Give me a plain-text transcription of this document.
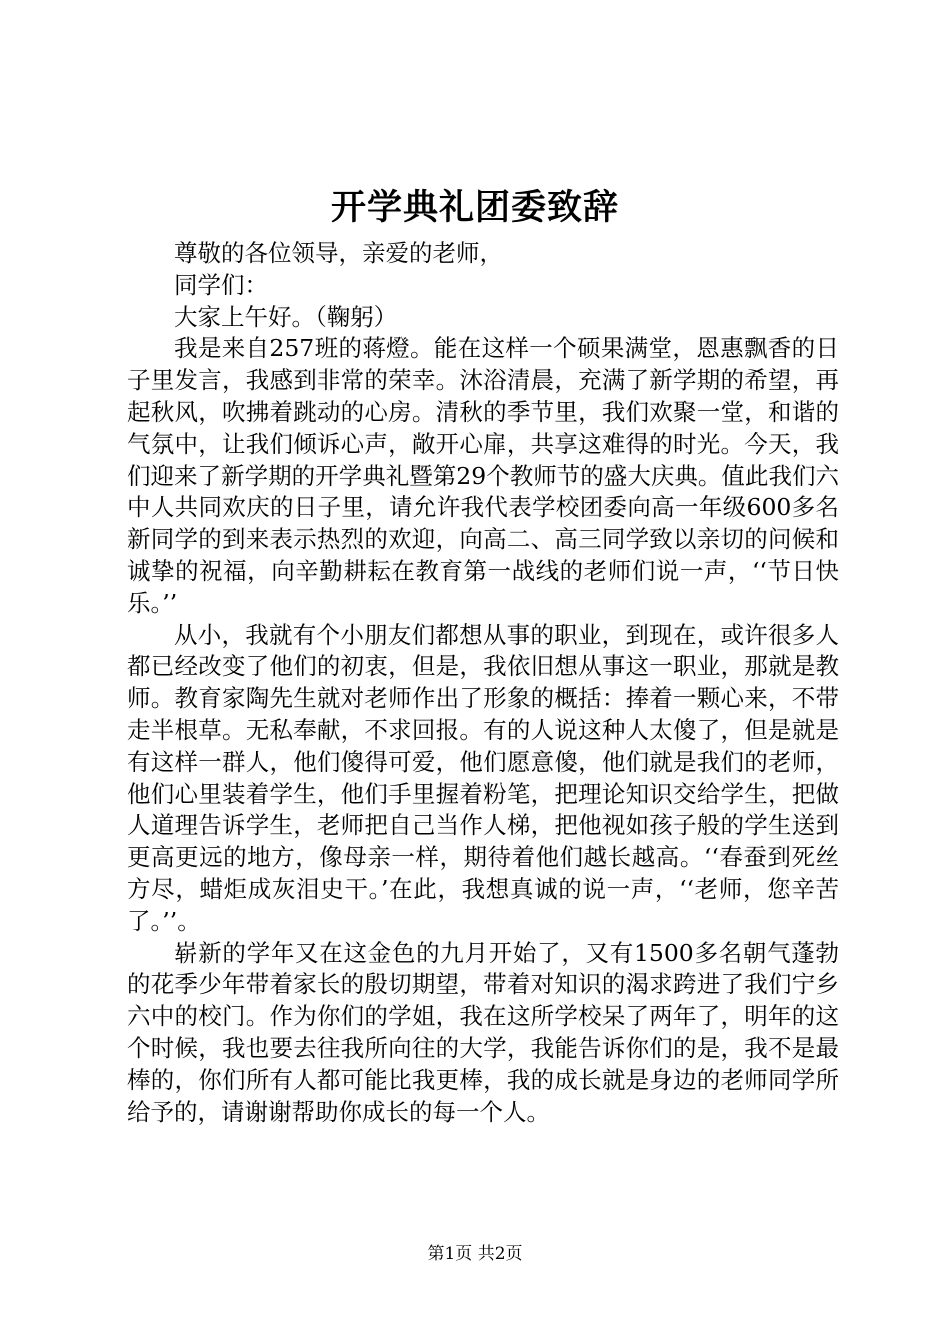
开学典礼团委致辞

尊敬的各位领导，亲爱的老师，

同学们：

大家上午好。（鞠躬）

我是来自257班的蒋燈。能在这样一个硕果满堂，恩惠飘香的日子里发言，我感到非常的荣幸。沐浴清晨，充满了新学期的希望，再起秋风，吹拂着跳动的心房。清秋的季节里，我们欢聚一堂，和谐的气氛中，让我们倾诉心声，敞开心扉，共享这难得的时光。今天，我们迎来了新学期的开学典礼暨第29个教师节的盛大庆典。值此我们六中人共同欢庆的日子里，请允许我代表学校团委向高一年级600多名新同学的到来表示热烈的欢迎，向高二、高三同学致以亲切的问候和诚挚的祝福，向辛勤耕耘在教育第一战线的老师们说一声，‘‘节日快乐。’’

从小，我就有个小朋友们都想从事的职业，到现在，或许很多人都已经改变了他们的初衷，但是，我依旧想从事这一职业，那就是教师。教育家陶先生就对老师作出了形象的概括：捧着一颗心来，不带走半根草。无私奉献，不求回报。有的人说这种人太傻了，但是就是有这样一群人，他们傻得可爱，他们愿意傻，他们就是我们的老师，他们心里装着学生，他们手里握着粉笔，把理论知识交给学生，把做人道理告诉学生，老师把自己当作人梯，把他视如孩子般的学生送到更高更远的地方，像母亲一样，期待着他们越长越高。‘‘春蚕到死丝方尽，蜡炬成灰泪史干。’在此，我想真诚的说一声，‘‘老师，您辛苦了。’’。

崭新的学年又在这金色的九月开始了，又有1500多名朝气蓬勃的花季少年带着家长的殷切期望，带着对知识的渴求跨进了我们宁乡六中的校门。作为你们的学姐，我在这所学校呆了两年了，明年的这个时候，我也要去往我所向往的大学，我能告诉你们的是，我不是最棒的，你们所有人都可能比我更棒，我的成长就是身边的老师同学所给予的，请谢谢帮助你成长的每一个人。

第1页 共2页
